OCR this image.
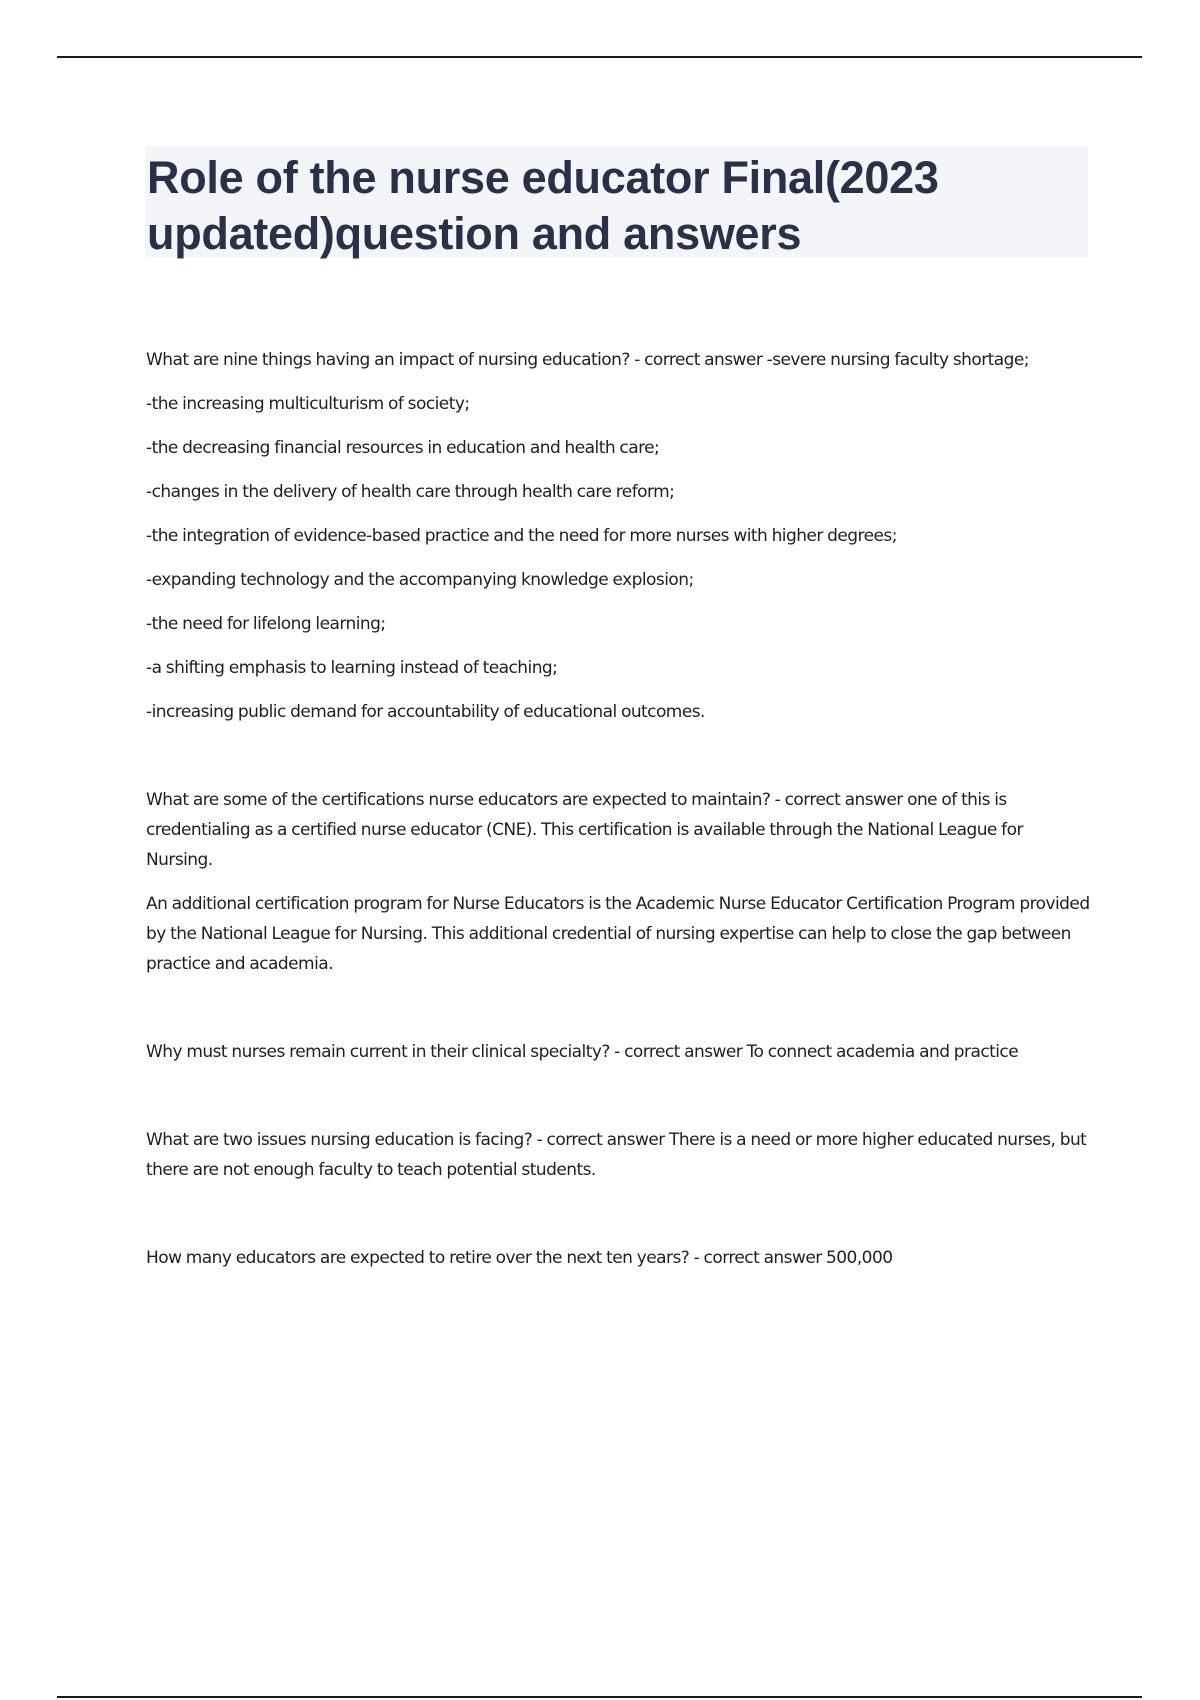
Role of the nurse educator Final(2023 updated)question and answers

What are nine things having an impact of nursing education? - correct answer -severe nursing faculty shortage;

-the increasing multiculturism of society;

-the decreasing financial resources in education and health care;

-changes in the delivery of health care through health care reform;

-the integration of evidence-based practice and the need for more nurses with higher degrees;

-expanding technology and the accompanying knowledge explosion;

-the need for lifelong learning;

-a shifting emphasis to learning instead of teaching;

-increasing public demand for accountability of educational outcomes.

What are some of the certifications nurse educators are expected to maintain? - correct answer one of this is credentialing as a certified nurse educator (CNE). This certification is available through the National League for Nursing.

An additional certification program for Nurse Educators is the Academic Nurse Educator Certification Program provided by the National League for Nursing. This additional credential of nursing expertise can help to close the gap between practice and academia.

Why must nurses remain current in their clinical specialty? - correct answer To connect academia and practice

What are two issues nursing education is facing? - correct answer There is a need or more higher educated nurses, but there are not enough faculty to teach potential students.

How many educators are expected to retire over the next ten years? - correct answer 500,000
